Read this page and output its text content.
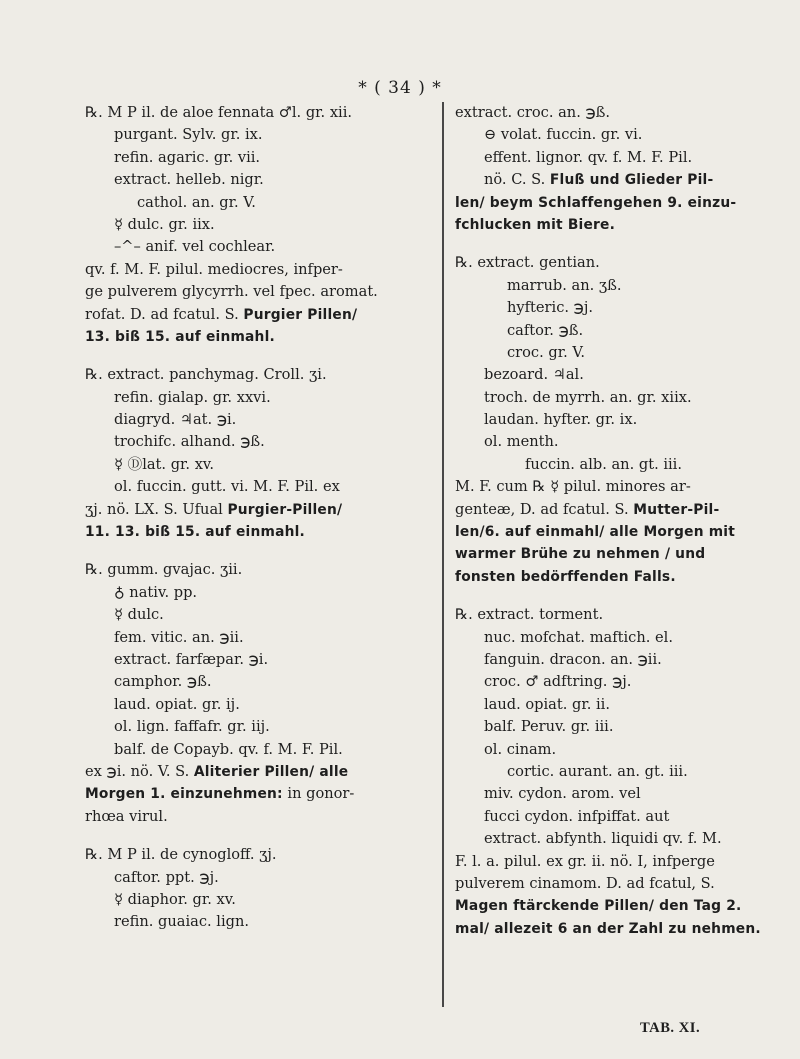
* ( 34 ) *
℞. M P il. de aloe fennata ♂l. gr. xii.
purgant. Sylv. gr. ix.
refin. agaric. gr. vii.
extract. helleb. nigr.
cathol. an. gr. V.
☿ dulc. gr. iix.
–^– anif. vel cochlear.
qv. f. M. F. pilul. mediocres, infper-
ge pulverem glycyrrh. vel fpec. aromat.
rofat. D. ad fcatul. S. Purgier Pillen/
13. biß 15. auf einmahl.
℞. extract. panchymag. Croll. ʒi.
refin. gialap. gr. xxvi.
diagryd. ♃at. ℈i.
trochifc. alhand. ℈ß.
☿ Ⓓlat. gr. xv.
ol. fuccin. gutt. vi. M. F. Pil. ex
ʒj. nö. LX. S. Ufual Purgier-Pillen/
11. 13. biß 15. auf einmahl.
℞. gumm. gvajac. ʒii.
♁ nativ. pp.
☿ dulc.
fem. vitic. an. ℈ii.
extract. farfæpar. ℈i.
camphor. ℈ß.
laud. opiat. gr. ij.
ol. lign. faffafr. gr. iij.
balf. de Copayb. qv. f. M. F. Pil.
ex ℈i. nö. V. S. Aliterier Pillen/ alle
Morgen 1. einzunehmen: in gonor-
rhœa virul.
℞. M P il. de cynogloff. ʒj.
caftor. ppt. ℈j.
☿ diaphor. gr. xv.
refin. guaiac. lign.
extract. croc. an. ℈ß.
⊖ volat. fuccin. gr. vi.
effent. lignor. qv. f. M. F. Pil.
nö. C. S. Fluß und Glieder Pil-
len/ beym Schlaffengehen 9. einzu-
fchlucken mit Biere.
℞. extract. gentian.
marrub. an. ʒß.
hyfteric. ℈j.
caftor. ℈ß.
croc. gr. V.
bezoard. ♃al.
troch. de myrrh. an. gr. xiix.
laudan. hyfter. gr. ix.
ol. menth.
fuccin. alb. an. gt. iii.
M. F. cum ℞ ☿ pilul. minores ar-
genteæ, D. ad fcatul. S. Mutter-Pil-
len/6. auf einmahl/ alle Morgen mit
warmer Brühe zu nehmen / und
fonsten bedörffenden Falls.
℞. extract. torment.
nuc. mofchat. maftich. el.
fanguin. dracon. an. ℈ii.
croc. ♂ adftring. ℈j.
laud. opiat. gr. ii.
balf. Peruv. gr. iii.
ol. cinam.
cortic. aurant. an. gt. iii.
miv. cydon. arom. vel
fucci cydon. infpiffat. aut
extract. abfynth. liquidi qv. f. M.
F. l. a. pilul. ex gr. ii. nö. I, infperge
pulverem cinamom. D. ad fcatul, S.
Magen ftärckende Pillen/ den Tag 2.
mal/ allezeit 6 an der Zahl zu nehmen.
TAB. XI.
